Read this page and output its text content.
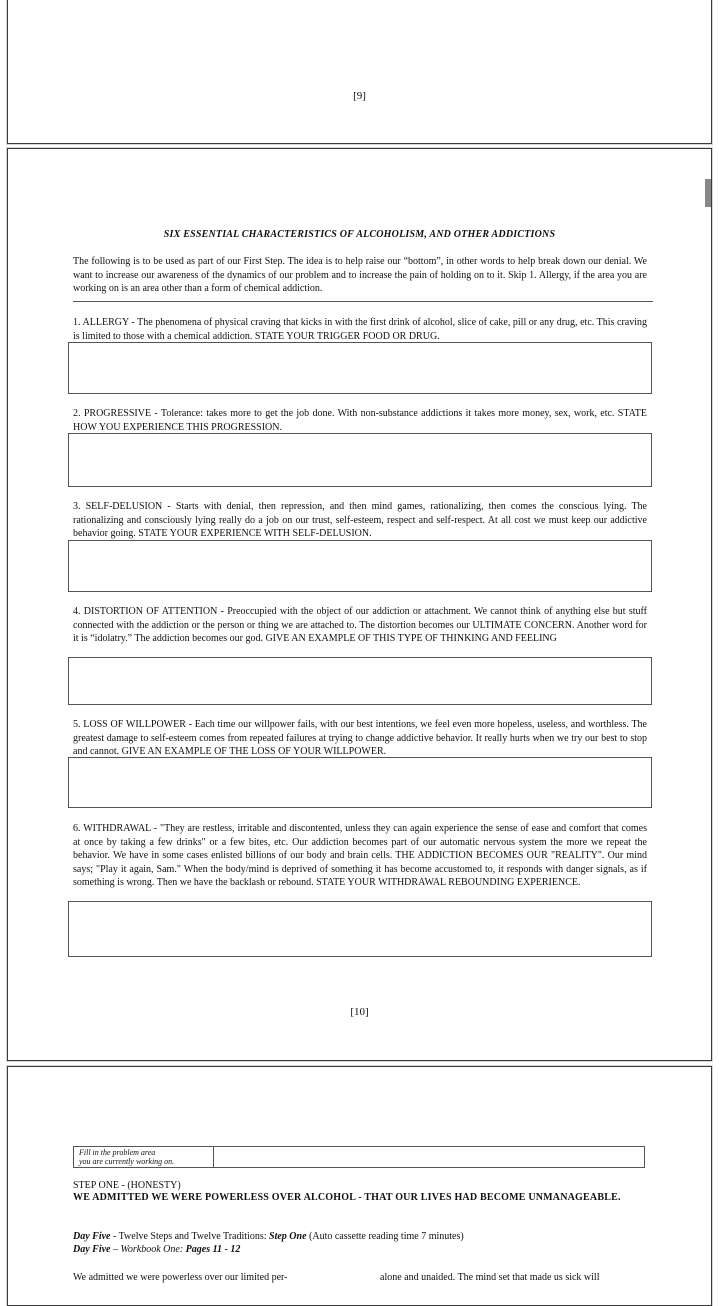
[9]
SIX ESSENTIAL CHARACTERISTICS OF ALCOHOLISM, AND OTHER ADDICTIONS

The following is to be used as part of our First Step. The idea is to help raise our “bottom”, in other words to help break down our denial. We want to increase our awareness of the dynamics of our problem and to increase the pain of holding on to it. Skip 1. Allergy, if the area you are working on is an area other than a form of chemical addiction.

1. ALLERGY - The phenomena of physical craving that kicks in with the first drink of alcohol, slice of cake, pill or any drug, etc. This craving is limited to those with a chemical addiction. STATE YOUR TRIGGER FOOD OR DRUG.

2. PROGRESSIVE - Tolerance: takes more to get the job done. With non-substance addictions it takes more money, sex, work, etc. STATE HOW YOU EXPERIENCE THIS PROGRESSION.

3. SELF-DELUSION - Starts with denial, then repression, and then mind games, rationalizing, then comes the conscious lying. The rationalizing and consciously lying really do a job on our trust, self-esteem, respect and self-respect. At all cost we must keep our addictive behavior going. STATE YOUR EXPERIENCE WITH SELF-DELUSION.

4. DISTORTION OF ATTENTION - Preoccupied with the object of our addiction or attachment. We cannot think of anything else but stuff connected with the addiction or the person or thing we are attached to. The distortion becomes our ULTIMATE CONCERN. Another word for it is “idolatry.” The addiction becomes our god. GIVE AN EXAMPLE OF THIS TYPE OF THINKING AND FEELING

5. LOSS OF WILLPOWER - Each time our willpower fails, with our best intentions, we feel even more hopeless, useless, and worthless. The greatest damage to self-esteem comes from repeated failures at trying to change addictive behavior. It really hurts when we try our best to stop and cannot. GIVE AN EXAMPLE OF THE LOSS OF YOUR WILLPOWER.

6. WITHDRAWAL - "They are restless, irritable and discontented, unless they can again experience the sense of ease and comfort that comes at once by taking a few drinks" or a few bites, etc. Our addiction becomes part of our automatic nervous system the more we repeat the behavior. We have in some cases enlisted billions of our body and brain cells. THE ADDICTION BECOMES OUR "REALITY". Our mind says; "Play it again, Sam." When the body/mind is deprived of something it has become accustomed to, it responds with danger signals, as if something is wrong. Then we have the backlash or rebound. STATE YOUR WITHDRAWAL REBOUNDING EXPERIENCE.

[10]
Fill in the problem area
you are currently working on.

STEP ONE - (HONESTY)

WE ADMITTED WE WERE POWERLESS OVER ALCOHOL - THAT OUR LIVES HAD BECOME UNMANAGEABLE.

Day Five - Twelve Steps and Twelve Traditions: Step One (Auto cassette reading time 7 minutes)

Day Five – Workbook One: Pages 11 - 12

We admitted we were powerless over our limited per-	alone and unaided. The mind set that made us sick will
